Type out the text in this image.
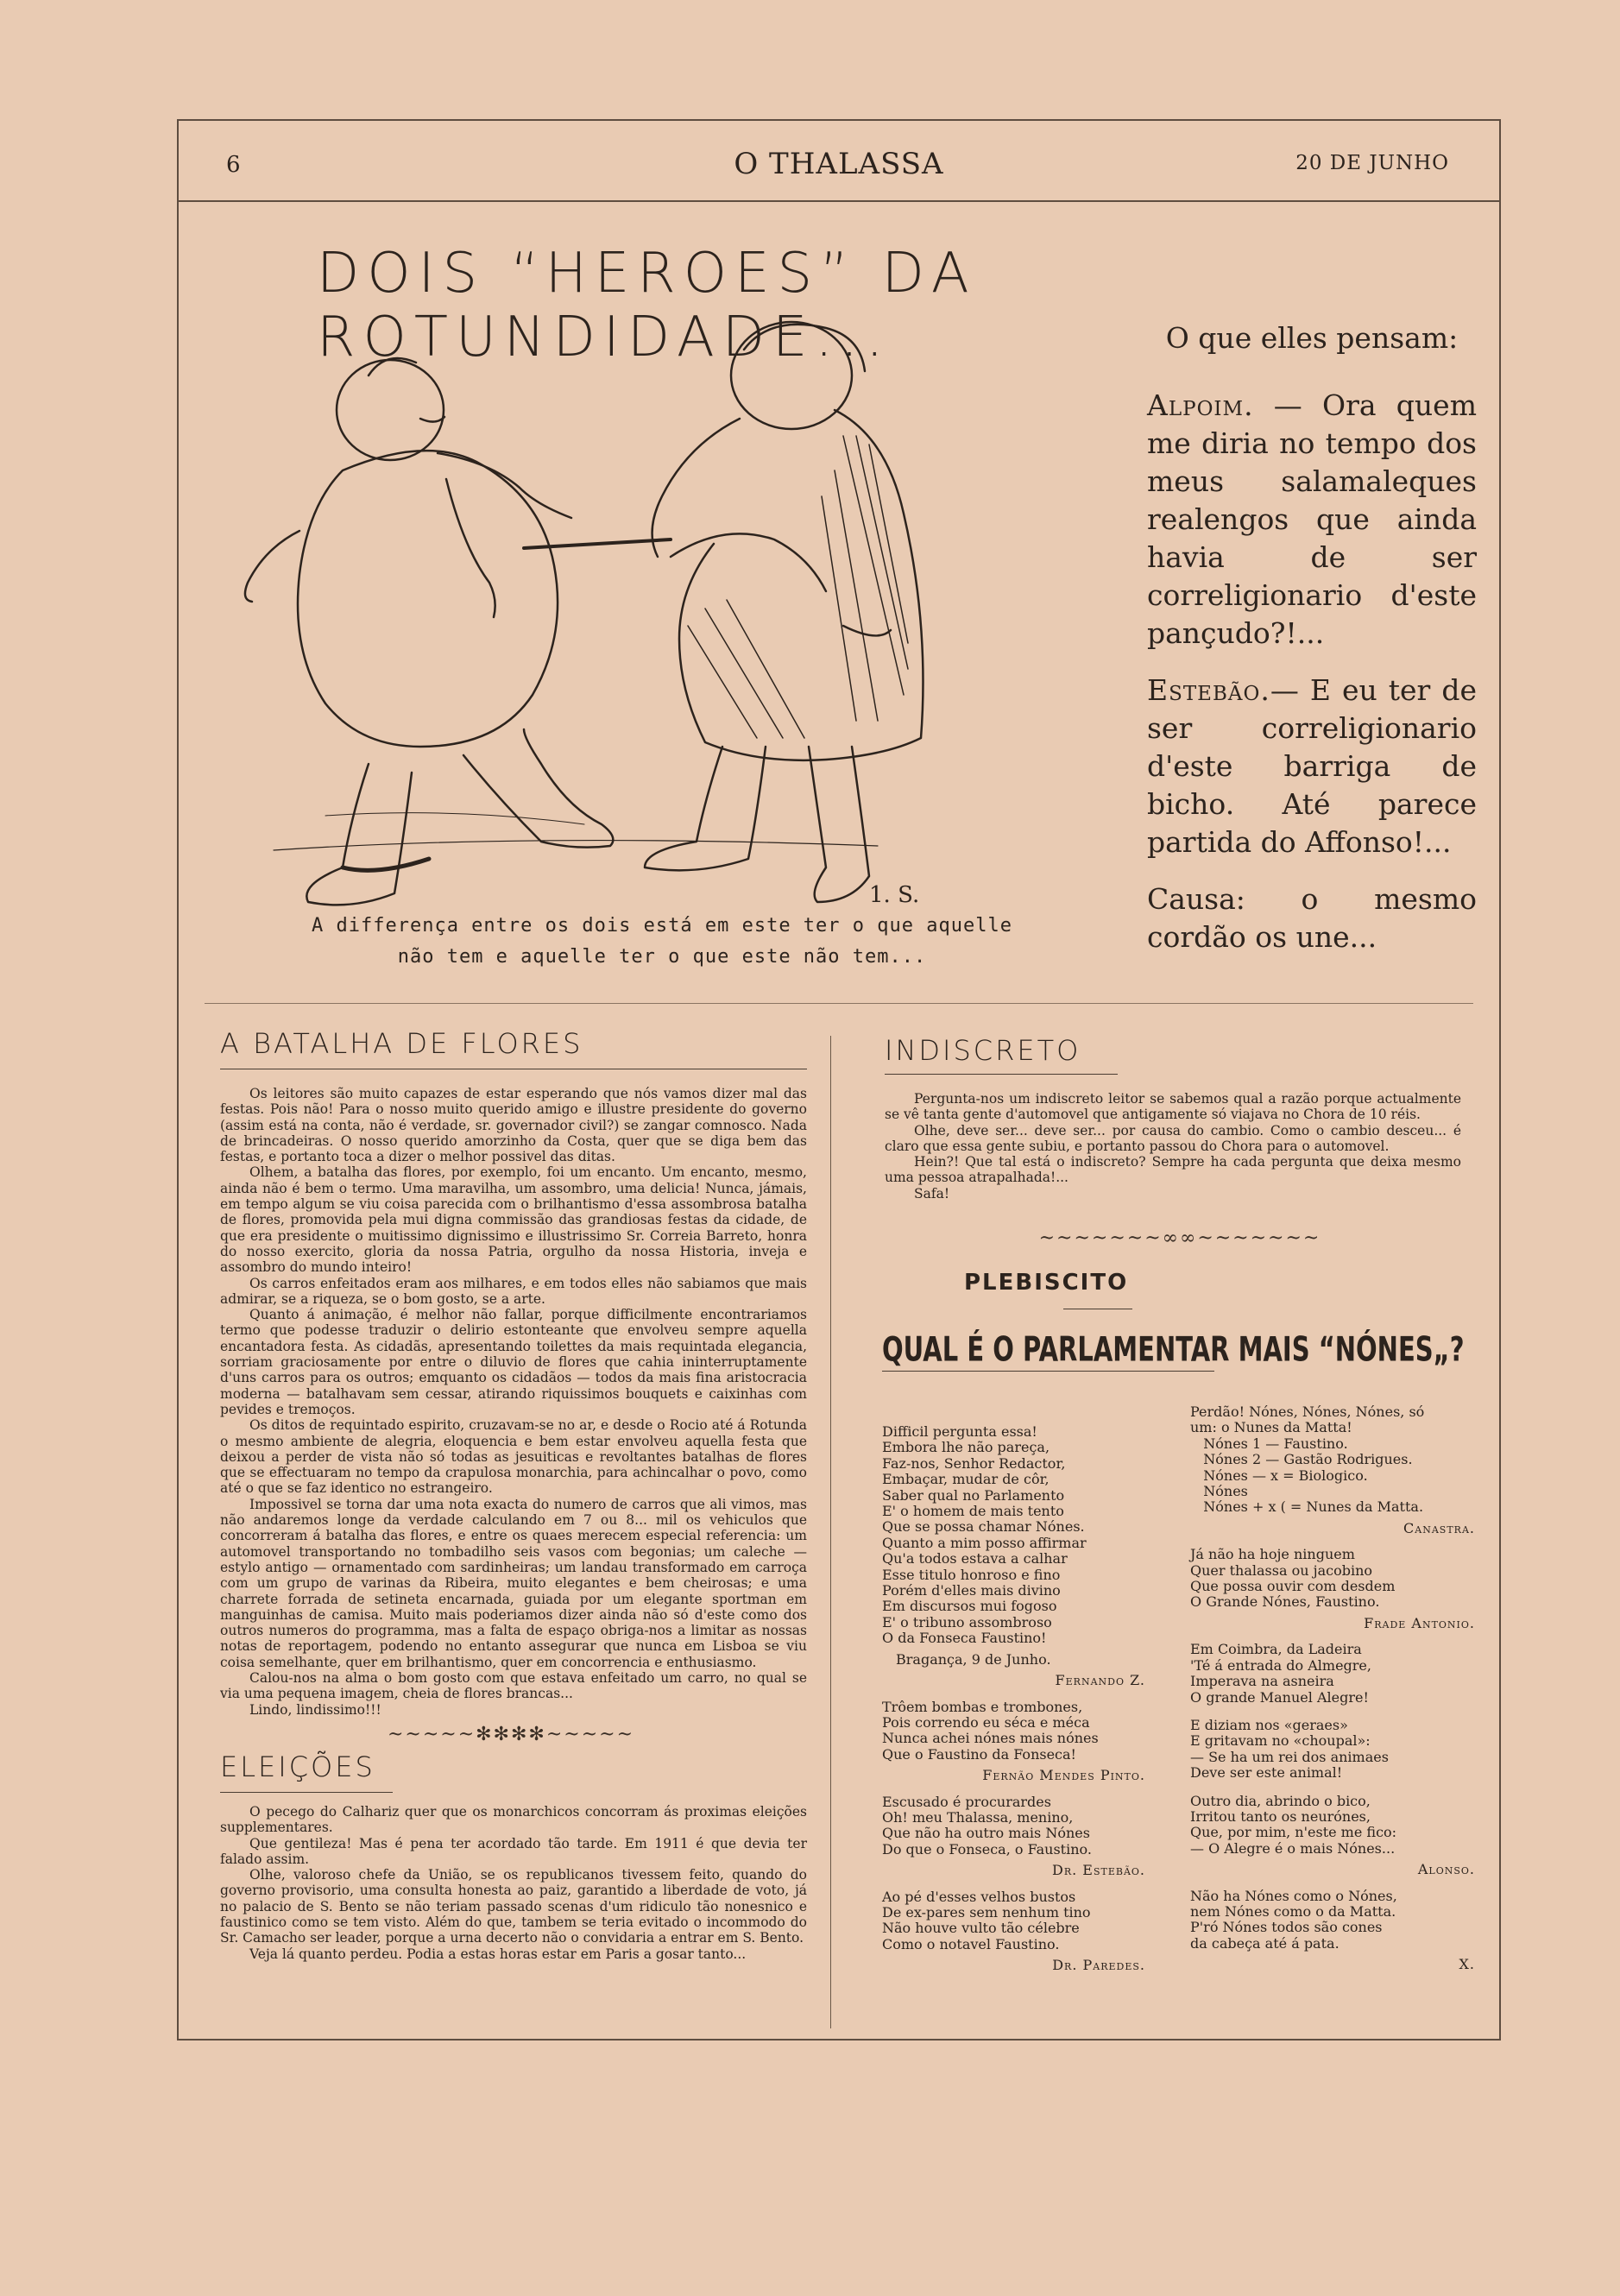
6	O THALASSA	20 DE JUNHO
DOIS “HEROES” DA ROTUNDIDADE...
1. S.
A differença entre os dois está em este ter o que aquelle
não tem e aquelle ter o que este não tem...

O que elles pensam:

Alpoim. — Ora quem me diria no tempo dos meus salamaleques realengos que ainda havia de ser correligionario d'este pançudo?!...

Estebão.— E eu ter de ser correligionario d'este barriga de bicho. Até parece partida do Affonso!...

Causa: o mesmo cordão os une...

A BATALHA DE FLORES

Os leitores são muito capazes de estar esperando que nós vamos dizer mal das festas. Pois não! Para o nosso muito querido amigo e illustre presidente do governo (assim está na conta, não é verdade, sr. governador civil?) se zangar comnosco. Nada de brincadeiras. O nosso querido amorzinho da Costa, quer que se diga bem das festas, e portanto toca a dizer o melhor possivel das ditas.

Olhem, a batalha das flores, por exemplo, foi um encanto. Um encanto, mesmo, ainda não é bem o termo. Uma maravilha, um assombro, uma delicia! Nunca, jámais, em tempo algum se viu coisa parecida com o brilhantismo d'essa assombrosa batalha de flores, promovida pela mui digna commissão das grandiosas festas da cidade, de que era presidente o muitissimo dignissimo e illustrissimo Sr. Correia Barreto, honra do nosso exercito, gloria da nossa Patria, orgulho da nossa Historia, inveja e assombro do mundo inteiro!

Os carros enfeitados eram aos milhares, e em todos elles não sabiamos que mais admirar, se a riqueza, se o bom gosto, se a arte.

Quanto á animação, é melhor não fallar, porque difficilmente encontrariamos termo que podesse traduzir o delirio estonteante que envolveu sempre aquella encantadora festa. As cidadãs, apresentando toilettes da mais requintada elegancia, sorriam graciosamente por entre o diluvio de flores que cahia ininterruptamente d'uns carros para os outros; emquanto os cidadãos — todos da mais fina aristocracia moderna — batalhavam sem cessar, atirando riquissimos bouquets e caixinhas com pevides e tremoços.

Os ditos de requintado espirito, cruzavam-se no ar, e desde o Rocio até á Rotunda o mesmo ambiente de alegria, eloquencia e bem estar envolveu aquella festa que deixou a perder de vista não só todas as jesuiticas e revoltantes batalhas de flores que se effectuaram no tempo da crapulosa monarchia, para achincalhar o povo, como até o que se faz identico no estrangeiro.

Impossivel se torna dar uma nota exacta do numero de carros que ali vimos, mas não andaremos longe da verdade calculando em 7 ou 8... mil os vehiculos que concorreram á batalha das flores, e entre os quaes merecem especial referencia: um automovel transportando no tombadilho seis vasos com begonias; um caleche — estylo antigo — ornamentado com sardinheiras; um landau transformado em carroça com um grupo de varinas da Ribeira, muito elegantes e bem cheirosas; e uma charrete forrada de setineta encarnada, guiada por um elegante sportman em manguinhas de camisa. Muito mais poderiamos dizer ainda não só d'este como dos outros numeros do programma, mas a falta de espaço obriga-nos a limitar as nossas notas de reportagem, podendo no entanto assegurar que nunca em Lisboa se viu coisa semelhante, quer em brilhantismo, quer em concorrencia e enthusiasmo.

Calou-nos na alma o bom gosto com que estava enfeitado um carro, no qual se via uma pequena imagem, cheia de flores brancas...

Lindo, lindissimo!!!

~~~~~✻✻✻✻~~~~~
ELEIÇÕES

O pecego do Calhariz quer que os monarchicos concorram ás proximas eleições supplementares.

Que gentileza! Mas é pena ter acordado tão tarde. Em 1911 é que devia ter falado assim.

Olhe, valoroso chefe da União, se os republicanos tivessem feito, quando do governo provisorio, uma consulta honesta ao paiz, garantido a liberdade de voto, já no palacio de S. Bento se não teriam passado scenas d'um ridiculo tão nonesnico e faustinico como se tem visto. Além do que, tambem se teria evitado o incommodo do Sr. Camacho ser leader, porque a urna decerto não o convidaria a entrar em S. Bento.

Veja lá quanto perdeu. Podia a estas horas estar em Paris a gosar tanto...

INDISCRETO

Pergunta-nos um indiscreto leitor se sabemos qual a razão porque actualmente se vê tanta gente d'automovel que antigamente só viajava no Chora de 10 réis.

Olhe, deve ser... deve ser... por causa do cambio. Como o cambio desceu... é claro que essa gente subiu, e portanto passou do Chora para o automovel.

Hein?! Que tal está o indiscreto? Sempre ha cada pergunta que deixa mesmo uma pessoa atrapalhada!...

Safa!

~~~~~~~∞∞~~~~~~~
PLEBISCITO
QUAL É O PARLAMENTAR MAIS “NÓNES„?
Difficil pergunta essa!
Embora lhe não pareça,
Faz-nos, Senhor Redactor,
Embaçar, mudar de côr,
Saber qual no Parlamento
E' o homem de mais tento
Que se possa chamar Nónes.
Quanto a mim posso affirmar
Qu'a todos estava a calhar
Esse titulo honroso e fino
Porém d'elles mais divino
Em discursos mui fogoso
E' o tribuno assombroso
O da Fonseca Faustino!
Bragança, 9 de Junho.
Fernando Z.
Trôem bombas e trombones,
Pois correndo eu séca e méca
Nunca achei nónes mais nónes
Que o Faustino da Fonseca!
Fernão Mendes Pinto.
Escusado é procurardes
Oh! meu Thalassa, menino,
Que não ha outro mais Nónes
Do que o Fonseca, o Faustino.
Dr. Estebão.
Ao pé d'esses velhos bustos
De ex-pares sem nenhum tino
Não houve vulto tão célebre
Como o notavel Faustino.
Dr. Paredes.
Perdão! Nónes, Nónes, Nónes, só
um: o Nunes da Matta!
Nónes 1 — Faustino.
Nónes 2 — Gastão Rodrigues.
Nónes — x = Biologico.
Nónes
Nónes + x ( = Nunes da Matta.
Canastra.
Já não ha hoje ninguem
Quer thalassa ou jacobino
Que possa ouvir com desdem
O Grande Nónes, Faustino.
Frade Antonio.
Em Coimbra, da Ladeira
'Té á entrada do Almegre,
Imperava na asneira
O grande Manuel Alegre!
E diziam nos «geraes»
E gritavam no «choupal»:
— Se ha um rei dos animaes
Deve ser este animal!
Outro dia, abrindo o bico,
Irritou tanto os neurónes,
Que, por mim, n'este me fico:
— O Alegre é o mais Nónes...
Alonso.
Não ha Nónes como o Nónes,
nem Nónes como o da Matta.
P'ró Nónes todos são cones
da cabeça até á pata.
X.
